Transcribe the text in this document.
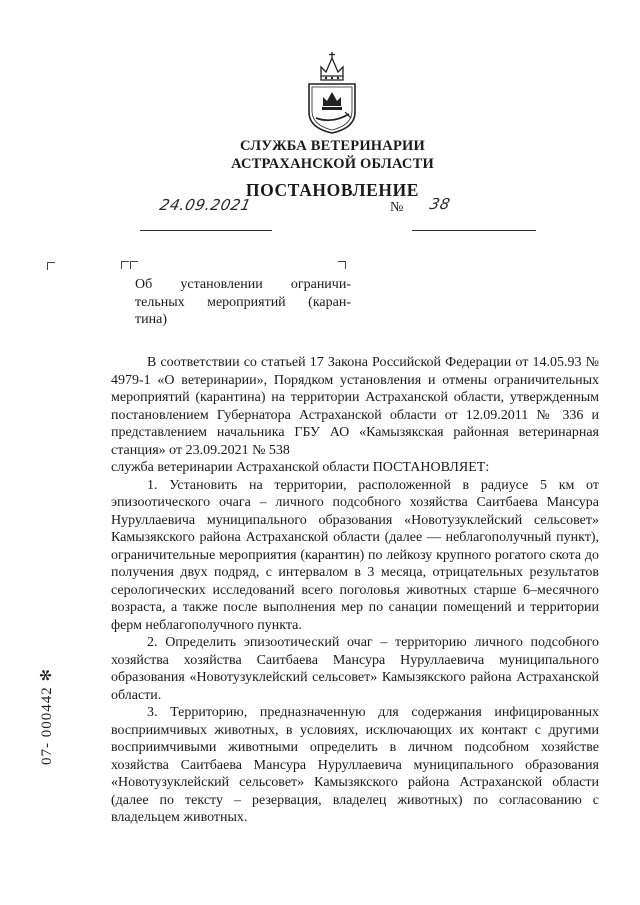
СЛУЖБА ВЕТЕРИНАРИИ
АСТРАХАНСКОЙ ОБЛАСТИ
ПОСТАНОВЛЕНИЕ
24.09.2021	№ 38
Об установлении ограничи-
тельных мероприятий (каран-
тина)

В соответствии со статьей 17 Закона Российской Федерации от 14.05.93 № 4979-1 «О ветеринарии», Порядком установления и отмены ограничительных мероприятий (карантина) на территории Астраханской области, утвержденным постановлением Губернатора Астраханской области от 12.09.2011 № 336 и представлением начальника ГБУ АО «Камызякская районная ветеринарная станция» от 23.09.2021 № 538

служба ветеринарии Астраханской области ПОСТАНОВЛЯЕТ:

1. Установить на территории, расположенной в радиусе 5 км от эпизоотического очага – личного подсобного хозяйства Саитбаева Мансура Нуруллаевича муниципального образования «Новотузуклейский сельсовет» Камызякского района Астраханской области (далее — неблагополучный пункт), ограничительные мероприятия (карантин) по лейкозу крупного рогатого скота до получения двух подряд, с интервалом в 3 месяца, отрицательных результатов серологических исследований всего поголовья животных старше 6–месячного возраста, а также после выполнения мер по санации помещений и территории ферм неблагополучного пункта.

2. Определить эпизоотический очаг – территорию личного подсобного хозяйства хозяйства Саитбаева Мансура Нуруллаевича муниципального образования «Новотузуклейский сельсовет» Камызякского района Астраханской области.

3. Территорию, предназначенную для содержания инфицированных восприимчивых животных, в условиях, исключающих их контакт с другими восприимчивыми животными определить в личном подсобном хозяйстве хозяйства Саитбаева Мансура Нуруллаевича муниципального образования «Новотузуклейский сельсовет» Камызякского района Астраханской области (далее по тексту – резервация, владелец животных) по согласованию с владельцем животных.

07- 000442 ✻
